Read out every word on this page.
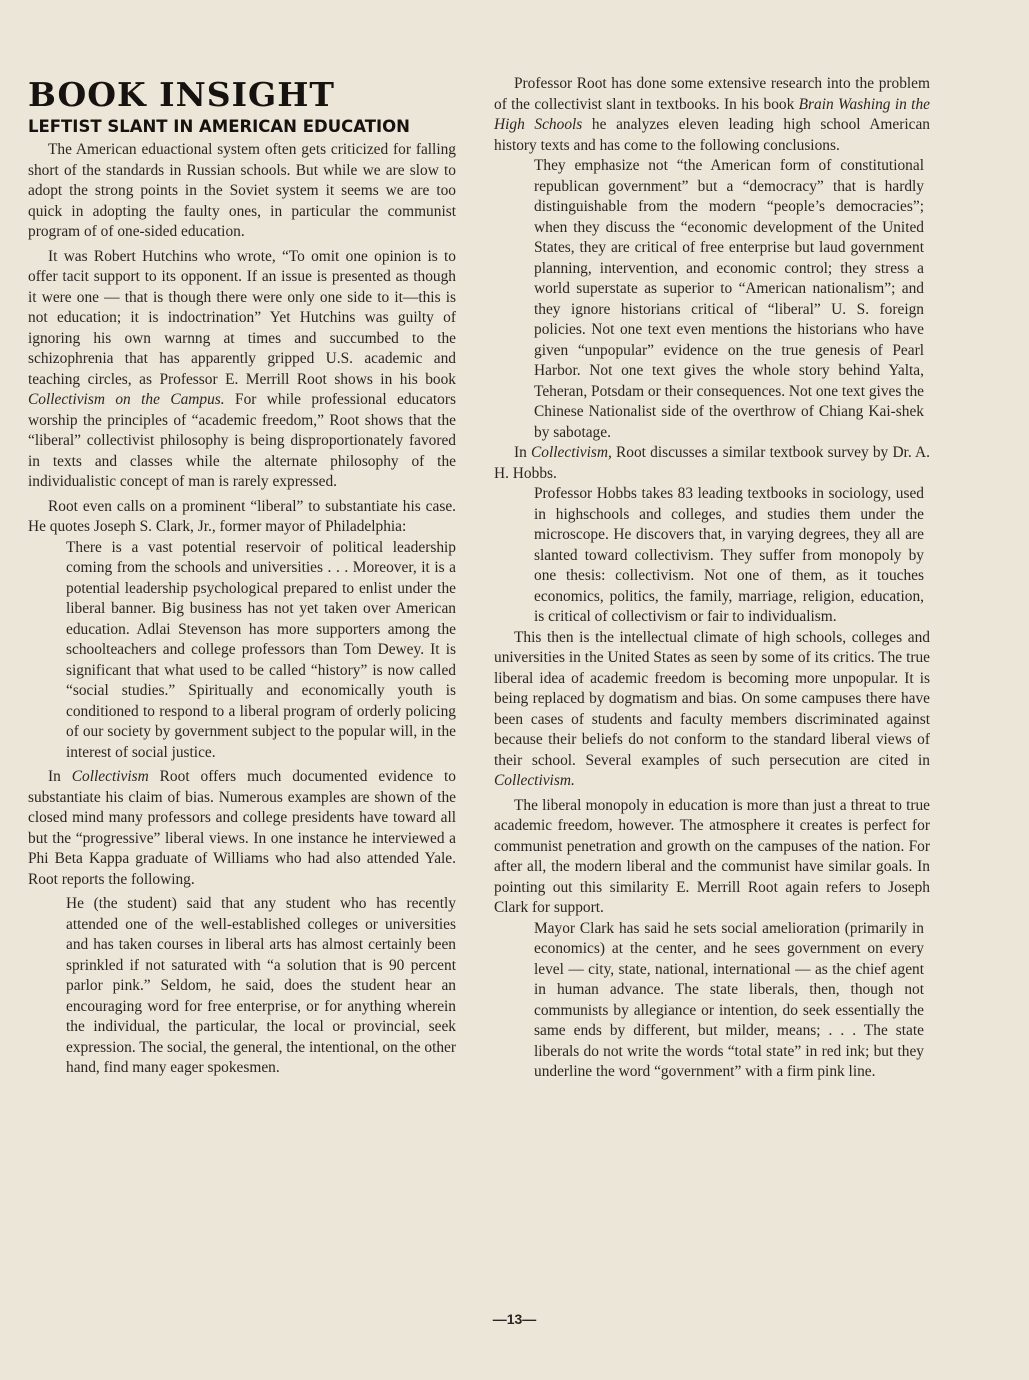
BOOK INSIGHT
LEFTIST SLANT IN AMERICAN EDUCATION

The American eduactional system often gets criticized for falling short of the standards in Russian schools. But while we are slow to adopt the strong points in the Soviet system it seems we are too quick in adopting the faulty ones, in particular the communist program of of one-sided education.

It was Robert Hutchins who wrote, “To omit one opinion is to offer tacit support to its opponent. If an issue is presented as though it were one — that is though there were only one side to it—this is not education; it is indoctrination” Yet Hutchins was guilty of ignoring his own warnng at times and succumbed to the schizophrenia that has apparently gripped U.S. academic and teaching circles, as Professor E. Merrill Root shows in his book Collectivism on the Campus. For while professional educators worship the principles of “academic freedom,” Root shows that the “liberal” collectivist philosophy is being disproportionately favored in texts and classes while the alternate philosophy of the individualistic concept of man is rarely expressed.

Root even calls on a prominent “liberal” to substantiate his case. He quotes Joseph S. Clark, Jr., former mayor of Philadelphia:

There is a vast potential reservoir of political leadership coming from the schools and universities . . . Moreover, it is a potential leadership psychological prepared to enlist under the liberal banner. Big business has not yet taken over American education. Adlai Stevenson has more supporters among the schoolteachers and college professors than Tom Dewey. It is significant that what used to be called “history” is now called “social studies.” Spiritually and economically youth is conditioned to respond to a liberal program of orderly policing of our society by government subject to the popular will, in the interest of social justice.

In Collectivism Root offers much documented evidence to substantiate his claim of bias. Numerous examples are shown of the closed mind many professors and college presidents have toward all but the “progressive” liberal views. In one instance he interviewed a Phi Beta Kappa graduate of Williams who had also attended Yale. Root reports the following.

He (the student) said that any student who has recently attended one of the well-established colleges or universities and has taken courses in liberal arts has almost certainly been sprinkled if not saturated with “a solution that is 90 percent parlor pink.” Seldom, he said, does the student hear an encouraging word for free enterprise, or for anything wherein the individual, the particular, the local or provincial, seek expression. The social, the general, the intentional, on the other hand, find many eager spokesmen.

Professor Root has done some extensive research into the problem of the collectivist slant in textbooks. In his book Brain Washing in the High Schools he analyzes eleven leading high school American history texts and has come to the following conclusions.

They emphasize not “the American form of constitutional republican government” but a “democracy” that is hardly distinguishable from the modern “people’s democracies”; when they discuss the “economic development of the United States, they are critical of free enterprise but laud government planning, intervention, and economic control; they stress a world superstate as superior to “American nationalism”; and they ignore historians critical of “liberal” U. S. foreign policies. Not one text even mentions the historians who have given “unpopular” evidence on the true genesis of Pearl Harbor. Not one text gives the whole story behind Yalta, Teheran, Potsdam or their consequences. Not one text gives the Chinese Nationalist side of the overthrow of Chiang Kai-shek by sabotage.

In Collectivism, Root discusses a similar textbook survey by Dr. A. H. Hobbs.

Professor Hobbs takes 83 leading textbooks in sociology, used in highschools and colleges, and studies them under the microscope. He discovers that, in varying degrees, they all are slanted toward collectivism. They suffer from monopoly by one thesis: collectivism. Not one of them, as it touches economics, politics, the family, marriage, religion, education, is critical of collectivism or fair to individualism.

This then is the intellectual climate of high schools, colleges and universities in the United States as seen by some of its critics. The true liberal idea of academic freedom is becoming more unpopular. It is being replaced by dogmatism and bias. On some campuses there have been cases of students and faculty members discriminated against because their beliefs do not conform to the standard liberal views of their school. Several examples of such persecution are cited in Collectivism.

The liberal monopoly in education is more than just a threat to true academic freedom, however. The atmosphere it creates is perfect for communist penetration and growth on the campuses of the nation. For after all, the modern liberal and the communist have similar goals. In pointing out this similarity E. Merrill Root again refers to Joseph Clark for support.

Mayor Clark has said he sets social amelioration (primarily in economics) at the center, and he sees government on every level — city, state, national, international — as the chief agent in human advance. The state liberals, then, though not communists by allegiance or intention, do seek essentially the same ends by different, but milder, means; . . . The state liberals do not write the words “total state” in red ink; but they underline the word “government” with a firm pink line.

—13—
